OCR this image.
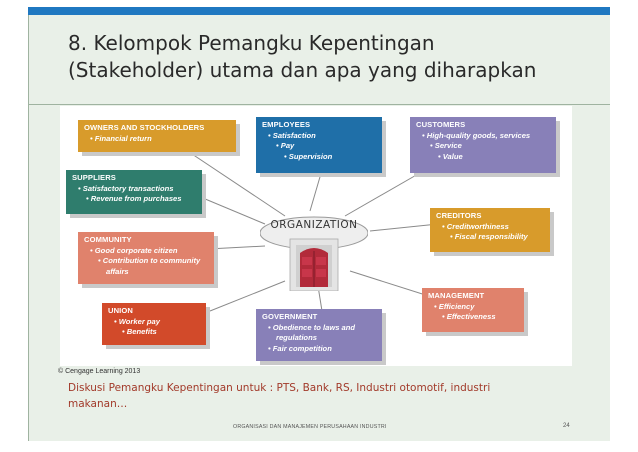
8. Kelompok Pemangku Kepentingan
(Stakeholder) utama dan apa yang diharapkan
ORGANIZATION
OWNERS AND STOCKHOLDERS
• Financial return
EMPLOYEES
• Satisfaction
• Pay
• Supervision
CUSTOMERS
• High-quality goods, services
• Service
• Value
SUPPLIERS
• Satisfactory transactions
• Revenue from purchases
CREDITORS
• Creditworthiness
• Fiscal responsibility
COMMUNITY
• Good corporate citizen
• Contribution to community
affairs
MANAGEMENT
• Efficiency
• Effectiveness
UNION
• Worker pay
• Benefits
GOVERNMENT
• Obedience to laws and
regulations
• Fair competition
© Cengage Learning 2013
Diskusi Pemangku Kepentingan untuk : PTS, Bank, RS, Industri otomotif, industri makanan…
ORGANISASI DAN MANAJEMEN PERUSAHAAN INDUSTRI	24
